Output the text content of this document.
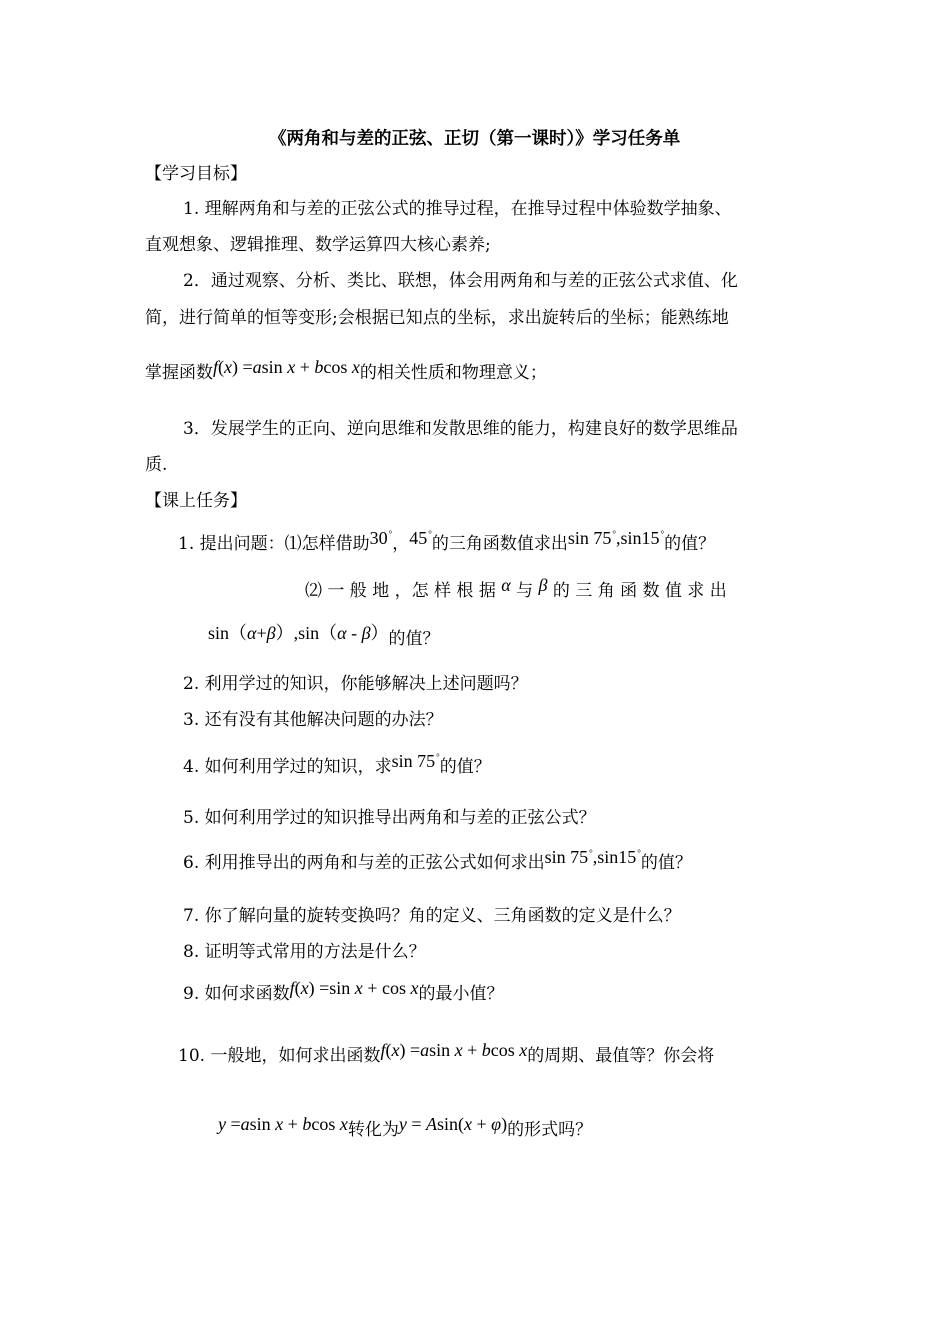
《两角和与差的正弦、正切（第一课时）》学习任务单
【学习目标】
1. 理解两角和与差的正弦公式的推导过程，在推导过程中体验数学抽象、
直观想象、逻辑推理、数学运算四大核心素养;
2．通过观察、分析、类比、联想，体会用两角和与差的正弦公式求值、化
简，进行简单的恒等变形;会根据已知点的坐标，求出旋转后的坐标；能熟练地
掌握函数f(x) =asin x + bcos x的相关性质和物理意义；
3．发展学生的正向、逆向思维和发散思维的能力，构建良好的数学思维品
质.
【课上任务】
1. 提出问题：⑴怎样借助30°，45°的三角函数值求出sin 75°,sin15°的值？
⑵ 一 般 地 ，怎 样 根 据 α 与 β 的 三 角 函 数 值 求 出
sin（α+β）,sin（α - β）的值？
2. 利用学过的知识，你能够解决上述问题吗？
3. 还有没有其他解决问题的办法？
4. 如何利用学过的知识，求sin 75°的值？
5. 如何利用学过的知识推导出两角和与差的正弦公式？
6. 利用推导出的两角和与差的正弦公式如何求出sin 75°,sin15°的值？
7. 你了解向量的旋转变换吗？角的定义、三角函数的定义是什么？
8. 证明等式常用的方法是什么？
9. 如何求函数f(x) =sin x + cos x的最小值？
10. 一般地，如何求出函数f(x) =asin x + bcos x的周期、最值等？你会将
y =asin x + bcos x转化为y = Asin(x + φ)的形式吗？
